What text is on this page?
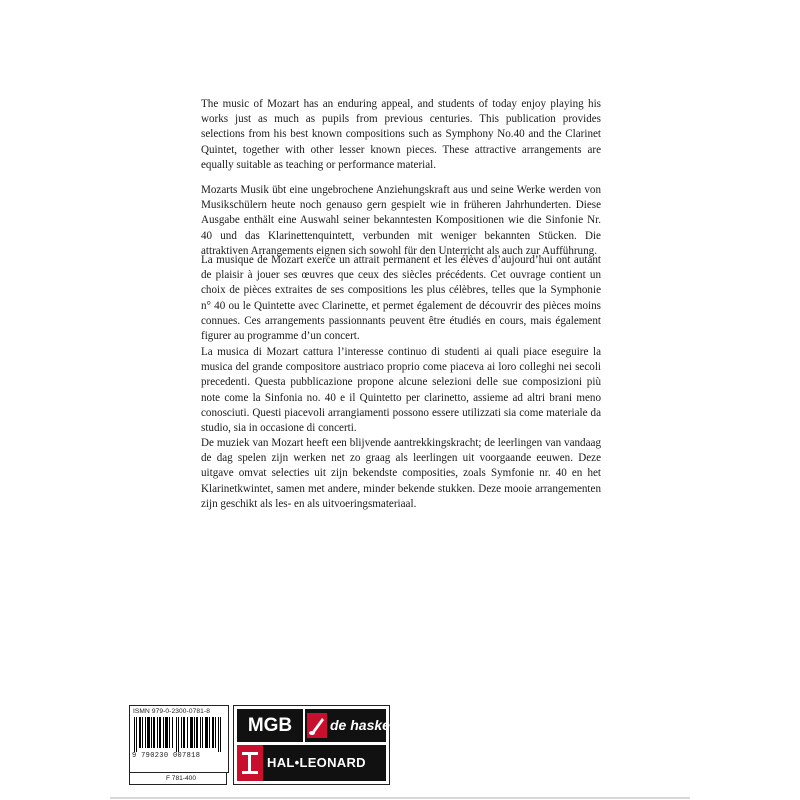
The music of Mozart has an enduring appeal, and students of today enjoy playing his works just as much as pupils from previous centuries. This publication provides selections from his best known compositions such as Symphony No.40 and the Clarinet Quintet, together with other lesser known pieces. These attractive arrangements are equally suitable as teaching or performance material.

Mozarts Musik übt eine ungebrochene Anziehungskraft aus und seine Werke werden von Musikschülern heute noch genauso gern gespielt wie in früheren Jahrhunderten. Diese Ausgabe enthält eine Auswahl seiner bekanntesten Kompositionen wie die Sinfonie Nr. 40 und das Klarinettenquintett, verbunden mit weniger bekannten Stücken. Die attraktiven Arrangements eignen sich sowohl für den Unterricht als auch zur Aufführung.

La musique de Mozart exerce un attrait permanent et les élèves d’aujourd’hui ont autant de plaisir à jouer ses œuvres que ceux des siècles précédents. Cet ouvrage contient un choix de pièces extraites de ses compositions les plus célèbres, telles que la Symphonie n° 40 ou le Quintette avec Clarinette, et permet également de découvrir des pièces moins connues. Ces arrangements passionnants peuvent être étudiés en cours, mais également figurer au programme d’un concert.

La musica di Mozart cattura l’interesse continuo di studenti ai quali piace eseguire la musica del grande compositore austriaco proprio come piaceva ai loro colleghi nei secoli precedenti. Questa pubblicazione propone alcune selezioni delle sue composizioni più note come la Sinfonia no. 40 e il Quintetto per clarinetto, assieme ad altri brani meno conosciuti. Questi piacevoli arrangiamenti possono essere utilizzati sia come materiale da studio, sia in occasione di concerti.

De muziek van Mozart heeft een blijvende aantrekkingskracht; de leerlingen van vandaag de dag spelen zijn werken net zo graag als leerlingen uit voorgaande eeuwen. Deze uitgave omvat selecties uit zijn bekendste composities, zoals Symfonie nr. 40 en het Klarinetkwintet, samen met andere, minder bekende stukken. Deze mooie arrangementen zijn geschikt als les- en als uitvoeringsmateriaal.

ISMN 979-0-2300-0781-8
9 790230 007818
F 781-400
MGB	de haske
HAL•LEONARD
